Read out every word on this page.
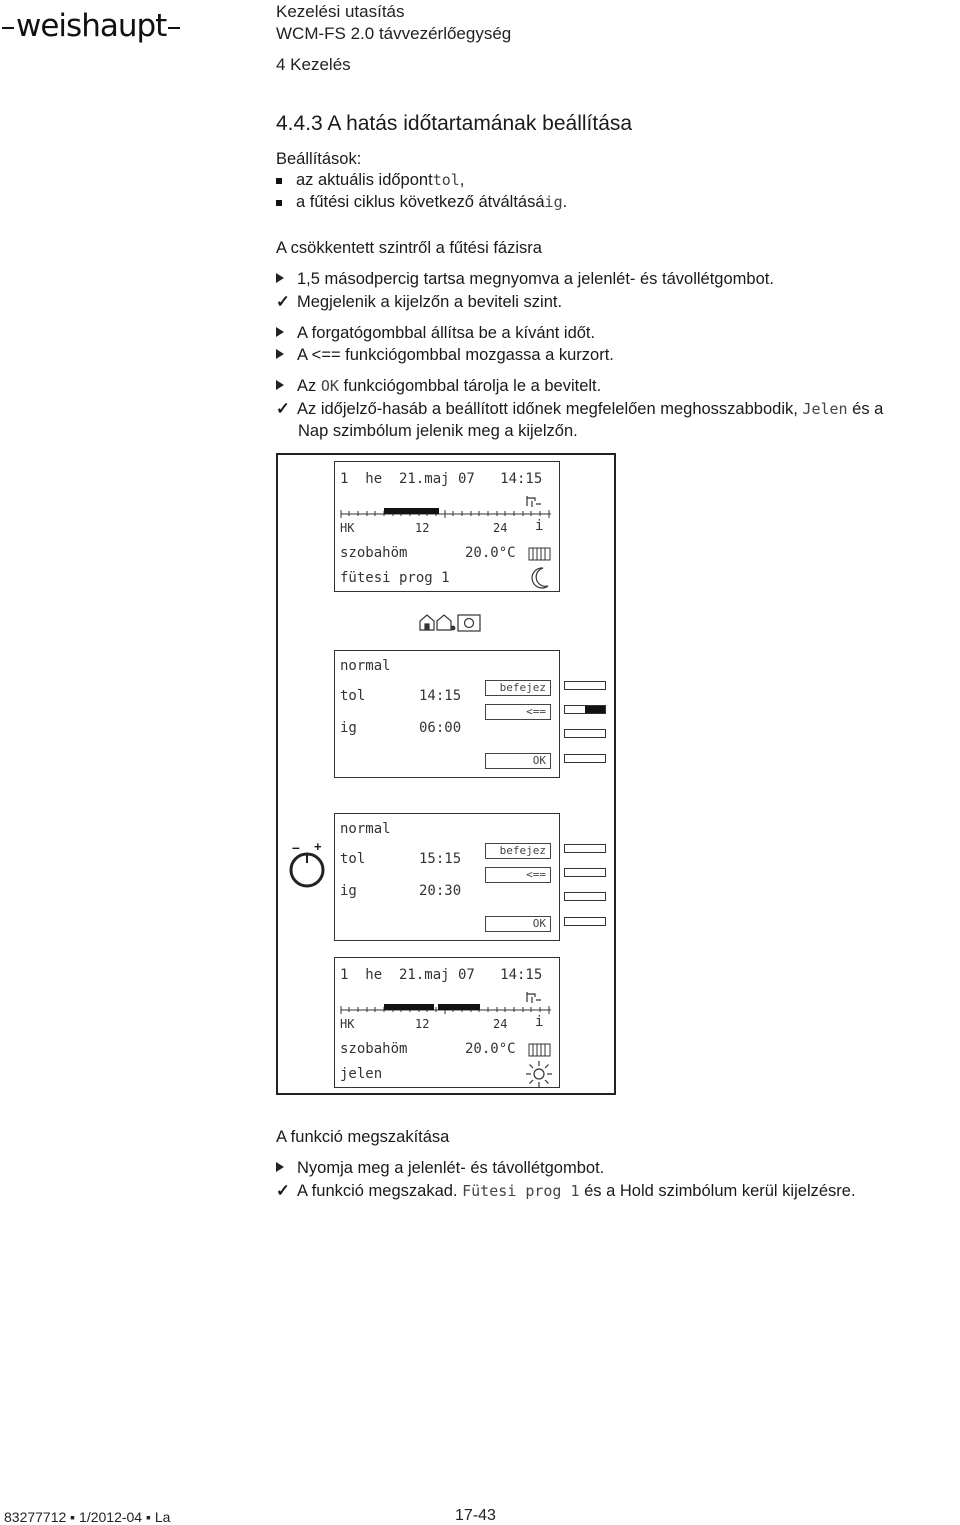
weishaupt	Kezelési utasítás
WCM-FS 2.0 távvezérlőegység
4 Kezelés
4.4.3 A hatás időtartamának beállítása
Beállítások:
az aktuális időponttol,
a fűtési ciklus következő átváltásáig.
A csökkentett szintről a fűtési fázisra
1,5 másodpercig tartsa megnyomva a jelenlét- és távollétgombot.
✓ Megjelenik a kijelzőn a beviteli szint.
A forgatógombbal állítsa be a kívánt időt.
A <== funkciógombbal mozgassa a kurzort.
Az OK funkciógombbal tárolja le a bevitelt.
✓ Az időjelző-hasáb a beállított időnek megfelelően meghosszabbodik, Jelen és a
Nap szimbólum jelenik meg a kijelzőn.
1  he  21.maj 07   14:15
HK	12	24 i
szobahöm	20.0°C
fütesi prog 1
normal
tol	14:15
ig	06:00
befejez
<==
OK
– +
normal
tol	15:15
ig	20:30
befejez
<==
OK
1  he  21.maj 07   14:15
HK	12	24 i
szobahöm	20.0°C
jelen
A funkció megszakítása
Nyomja meg a jelenlét- és távollétgombot.
✓ A funkció megszakad. Fütesi prog 1 és a Hold szimbólum kerül kijelzésre.
83277712 ▪ 1/2012-04 ▪ La	17-43
